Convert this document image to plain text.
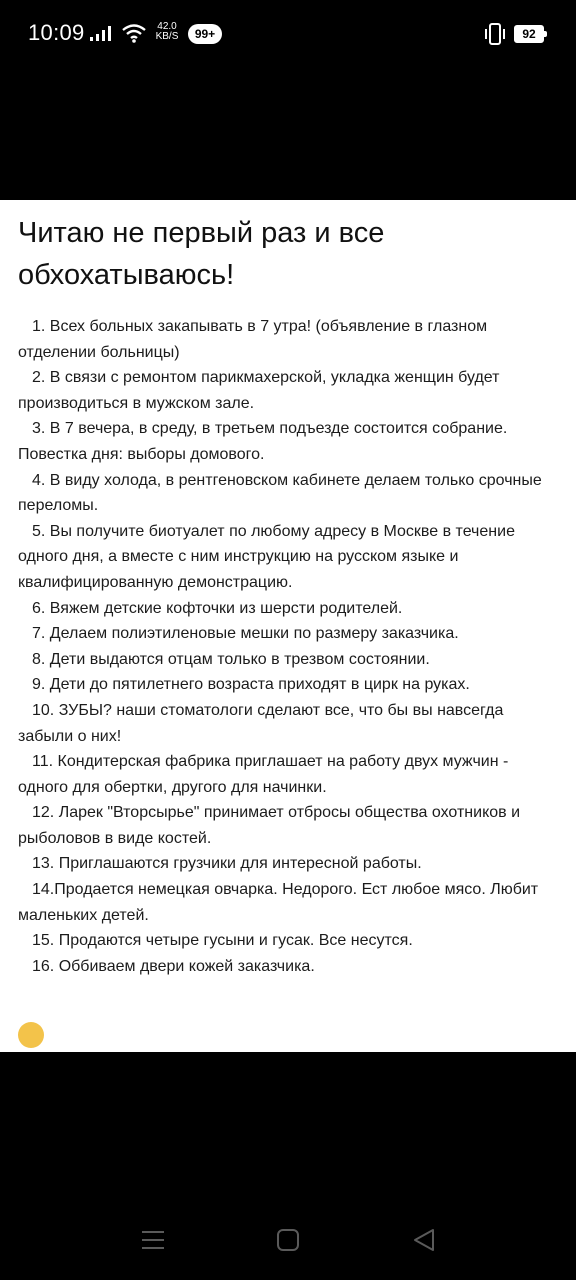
10:09	42.0
KB/S	99+	92
Читаю не первый раз и все обхохатываюсь!
1. Всех больных закапывать в 7 утра! (объявление в глазном отделении больницы)
2. В связи с ремонтом парикмахерской, укладка женщин будет производиться в мужском зале.
3. В 7 вечера, в среду, в третьем подъезде состоится собрание. Повестка дня: выборы домового.
4. В виду холода, в рентгеновском кабинете делаем только срочные переломы.
5. Вы получите биотуалет по любому адресу в Москве в течение одного дня, а вместе с ним инструкцию на русском языке и квалифицированную демонстрацию.
6. Вяжем детские кофточки из шерсти родителей.
7. Делаем полиэтиленовые мешки по размеру заказчика.
8. Дети выдаются отцам только в трезвом состоянии.
9. Дети до пятилетнего возраста приходят в цирк на руках.
10. ЗУБЫ? наши стоматологи сделают все, что бы вы навсегда забыли о них!
11. Кондитерская фабрика приглашает на работу двух мужчин - одного для обертки, другого для начинки.
12. Ларек "Вторсырье" принимает отбросы общества охотников и рыболовов в виде костей.
13. Приглашаются грузчики для интересной работы.
14.Продается немецкая овчарка. Недорого. Ест любое мясо. Любит маленьких детей.
15. Продаются четыре гусыни и гусак. Все несутся.
16. Оббиваем двери кожей заказчика.
